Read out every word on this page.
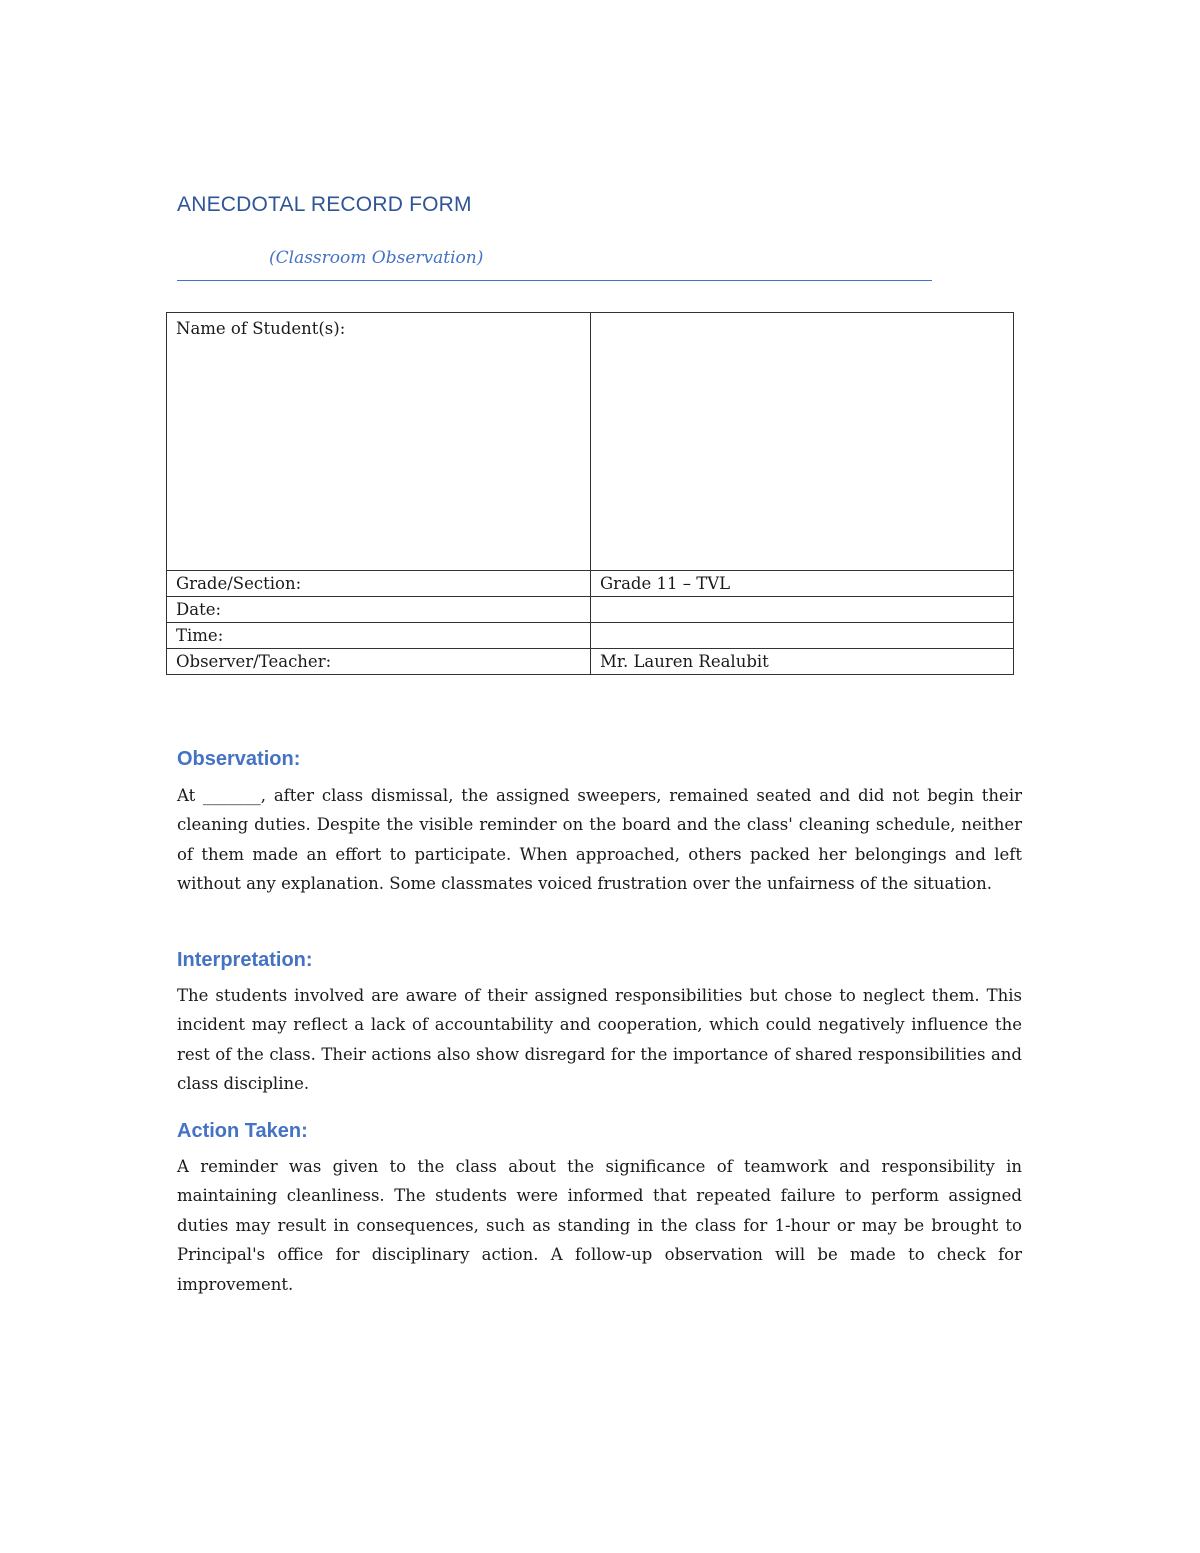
ANECDOTAL RECORD FORM
(Classroom Observation)
Name of Student(s):	
Grade/Section:	Grade 11 – TVL
Date:	
Time:	
Observer/Teacher:	Mr. Lauren Realubit
Observation:

At _______, after class dismissal, the assigned sweepers, remained seated and did not begin their cleaning duties. Despite the visible reminder on the board and the class' cleaning schedule, neither of them made an effort to participate. When approached, others packed her belongings and left without any explanation. Some classmates voiced frustration over the unfairness of the situation.

Interpretation:

The students involved are aware of their assigned responsibilities but chose to neglect them. This incident may reflect a lack of accountability and cooperation, which could negatively influence the rest of the class. Their actions also show disregard for the importance of shared responsibilities and class discipline.

Action Taken:

A reminder was given to the class about the significance of teamwork and responsibility in maintaining cleanliness. The students were informed that repeated failure to perform assigned duties may result in consequences, such as standing in the class for 1-hour or may be brought to Principal's office for disciplinary action. A follow-up observation will be made to check for improvement.
